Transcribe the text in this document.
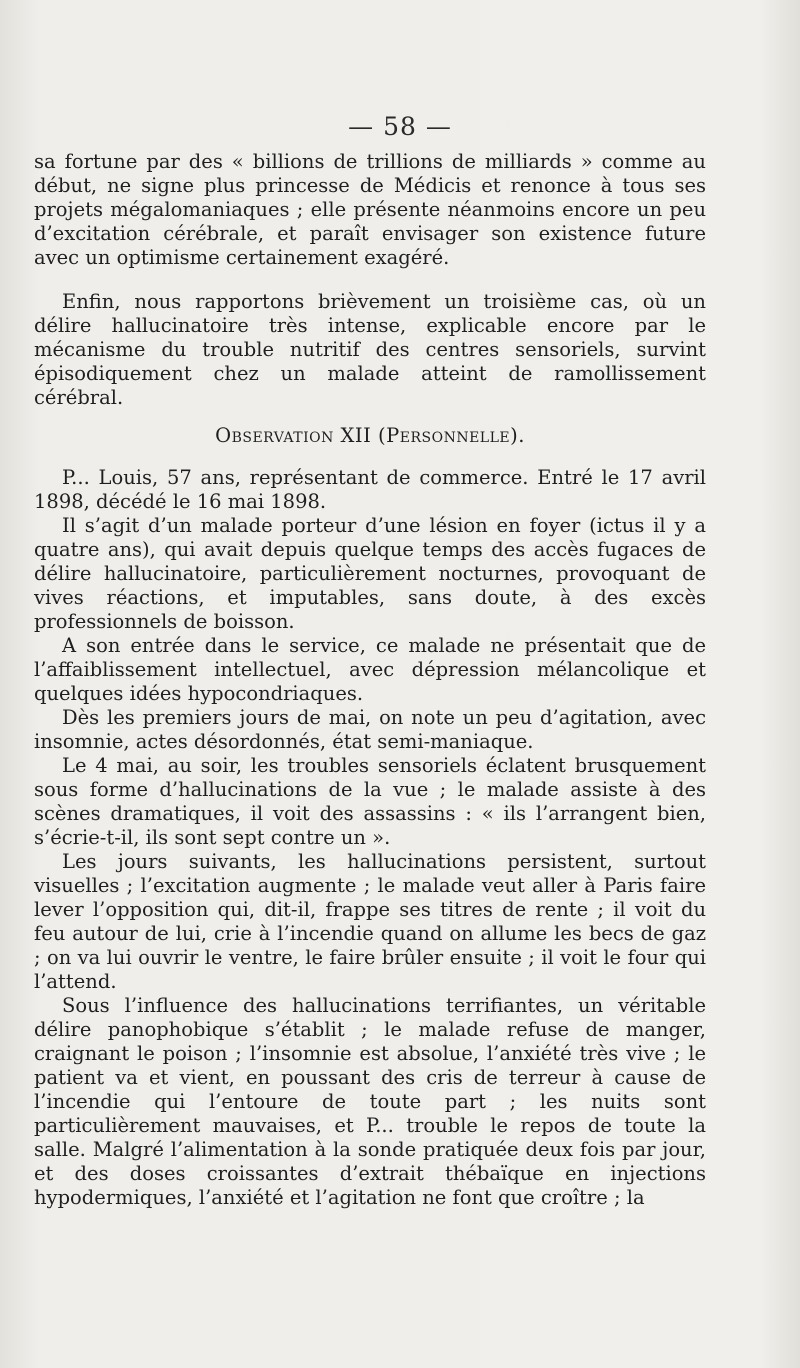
— 58 —

sa fortune par des « billions de trillions de milliards » comme au début, ne signe plus princesse de Médicis et renonce à tous ses projets mégalomaniaques ; elle présente néanmoins encore un peu d’excitation cérébrale, et paraît envisager son existence future avec un optimisme certainement exagéré.

Enfin, nous rapportons brièvement un troisième cas, où un délire hallucinatoire très intense, explicable encore par le mécanisme du trouble nutritif des centres sensoriels, survint épisodiquement chez un malade atteint de ramollissement cérébral.

Observation XII (Personnelle).

P... Louis, 57 ans, représentant de commerce. Entré le 17 avril 1898, décédé le 16 mai 1898.

Il s’agit d’un malade porteur d’une lésion en foyer (ictus il y a quatre ans), qui avait depuis quelque temps des accès fugaces de délire hallucinatoire, particulièrement nocturnes, provoquant de vives réactions, et imputables, sans doute, à des excès professionnels de boisson.

A son entrée dans le service, ce malade ne présentait que de l’affaiblissement intellectuel, avec dépression mélancolique et quelques idées hypocondriaques.

Dès les premiers jours de mai, on note un peu d’agitation, avec insomnie, actes désordonnés, état semi-maniaque.

Le 4 mai, au soir, les troubles sensoriels éclatent brusquement sous forme d’hallucinations de la vue ; le malade assiste à des scènes dramatiques, il voit des assassins : « ils l’arrangent bien, s’écrie-t-il, ils sont sept contre un ».

Les jours suivants, les hallucinations persistent, surtout visuelles ; l’excitation augmente ; le malade veut aller à Paris faire lever l’opposition qui, dit-il, frappe ses titres de rente ; il voit du feu autour de lui, crie à l’incendie quand on allume les becs de gaz ; on va lui ouvrir le ventre, le faire brûler ensuite ; il voit le four qui l’attend.

Sous l’influence des hallucinations terrifiantes, un véritable délire panophobique s’établit ; le malade refuse de manger, craignant le poison ; l’insomnie est absolue, l’anxiété très vive ; le patient va et vient, en poussant des cris de terreur à cause de l’incendie qui l’entoure de toute part ; les nuits sont particulièrement mauvaises, et P... trouble le repos de toute la salle. Malgré l’alimentation à la sonde pratiquée deux fois par jour, et des doses croissantes d’extrait thébaïque en injections hypodermiques, l’anxiété et l’agitation ne font que croître ; la
